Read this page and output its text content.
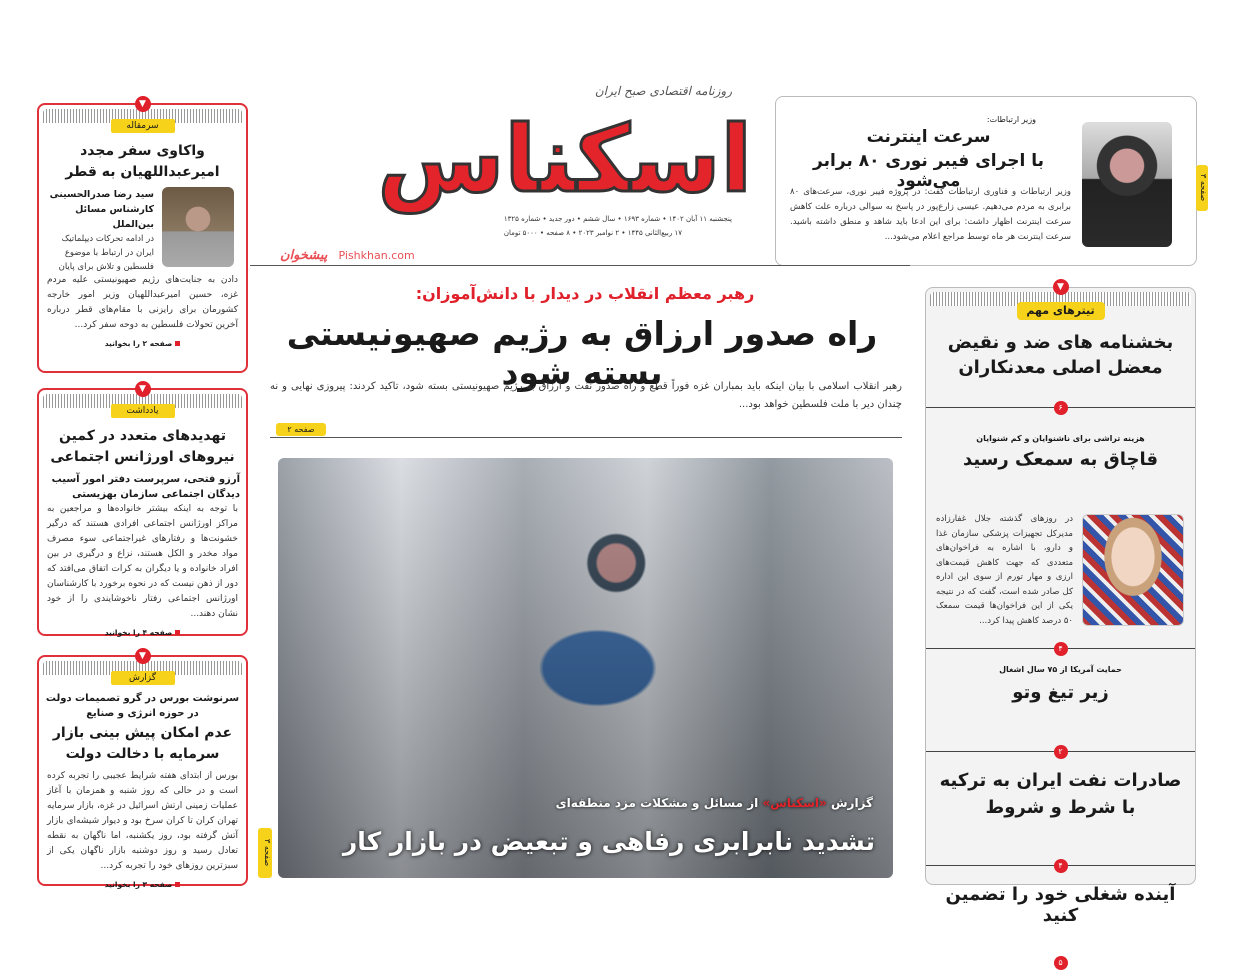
روزنامه اقتصادی صبح ایران
اسکناس
پنجشنبه ۱۱ آبان ۱۴۰۲ • شماره ۱۶۹۳ • سال ششم • دور جدید • شماره ۱۳۲۵
۱۷ ربیع‌الثانی ۱۴۴۵ • ۲ نوامبر ۲۰۲۳ • ۸ صفحه • ۵۰۰۰ تومان
پیشخوان Pishkhan.com
صفحه ۳
وزیر ارتباطات:
سرعت اینترنت
با اجرای فیبر نوری ۸۰ برابر می‌شود
وزیر ارتباطات و فناوری ارتباطات گفت: در پروژه فیبر نوری، سرعت‌های ۸۰ برابری به مردم می‌دهیم. عیسی زارع‌پور در پاسخ به سوالی درباره علت کاهش سرعت اینترنت اظهار داشت: برای این ادعا باید شاهد و منطق داشته باشید. سرعت اینترنت هر ماه توسط مراجع اعلام می‌شود...
رهبر معظم انقلاب در دیدار با دانش‌آموزان:
راه صدور ارزاق به رژیم صهیونیستی بسته شود
رهبر انقلاب اسلامی با بیان اینکه باید بمباران غزه فوراً قطع و راه صدور نفت و ارزاق به رژیم صهیونیستی بسته شود، تاکید کردند: پیروزی نهایی و نه چندان دیر با ملت فلسطین خواهد بود...
صفحه ۲
گزارش «اسکناس» از مسائل و مشکلات مزد منطقه‌ای
تشدید نابرابری رفاهی و تبعیض در بازار کار
صفحه ۳
▼
سرمقاله
واکاوی سفر مجدد امیرعبداللهیان به قطر
سید رضا صدرالحسینی
کارشناس مسائل بین‌الملل
در ادامه تحرکات دیپلماتیک ایران در ارتباط با موضوع فلسطین و تلاش برای پایان
دادن به جنایت‌های رژیم صهیونیستی علیه مردم غزه، حسین امیرعبداللهیان وزیر امور خارجه کشورمان برای رایزنی با مقام‌های قطر درباره آخرین تحولات فلسطین به دوحه سفر کرد...
صفحه ۲ را بخوانید
▼
یادداشت
تهدیدهای متعدد در کمین نیروهای اورژانس اجتماعی
آرزو فتحی، سرپرست دفتر امور آسیب دیدگان اجتماعی سازمان بهزیستی
با توجه به اینکه بیشتر خانواده‌ها و مراجعین به مراکز اورژانس اجتماعی افرادی هستند که درگیر خشونت‌ها و رفتارهای غیراجتماعی سوء مصرف مواد مخدر و الکل هستند، نزاع و درگیری در بین افراد خانواده و یا دیگران به کرات اتفاق می‌افتد که دور از ذهن نیست که در نحوه برخورد با کارشناسان اورژانس اجتماعی رفتار ناخوشایندی را از خود نشان دهند...
صفحه ۴ را بخوانید
▼
گزارش
سرنوشت بورس در گرو تصمیمات دولت
در حوزه انرژی و صنایع
عدم امکان پیش بینی بازار سرمایه با دخالت دولت
بورس از ابتدای هفته شرایط عجیبی را تجربه کرده است و در حالی که روز شنبه و همزمان با آغاز عملیات زمینی ارتش اسرائیل در غزه، بازار سرمایه تهران کران تا کران سرخ بود و دیوار شیشه‌ای بازار آتش گرفته بود، روز یکشنبه، اما ناگهان به نقطه تعادل رسید و روز دوشنبه بازار ناگهان یکی از سبزترین روزهای خود را تجربه کرد...
صفحه ۳ را بخوانید
▼
تیترهای مهم
بخشنامه های ضد و نقیض
معضل اصلی معدنکاران
۶
هزینه تراشی برای ناشنوایان و کم شنوایان
قاچاق به سمعک رسید
در روزهای گذشته جلال غفارزاده مدیرکل تجهیزات پزشکی سازمان غذا و دارو، با اشاره به فراخوان‌های متعددی که جهت کاهش قیمت‌های ارزی و مهار تورم از سوی این اداره کل صادر شده است، گفت که در نتیجه یکی از این فراخوان‌ها قیمت سمعک ۵۰ درصد کاهش پیدا کرد...
۴
حمایت آمریکا از ۷۵ سال اشغال
زیر تیغ وتو
۲
صادرات نفت ایران به ترکیه
با شرط و شروط
۴
آینده شغلی خود را تضمین کنید
۵
